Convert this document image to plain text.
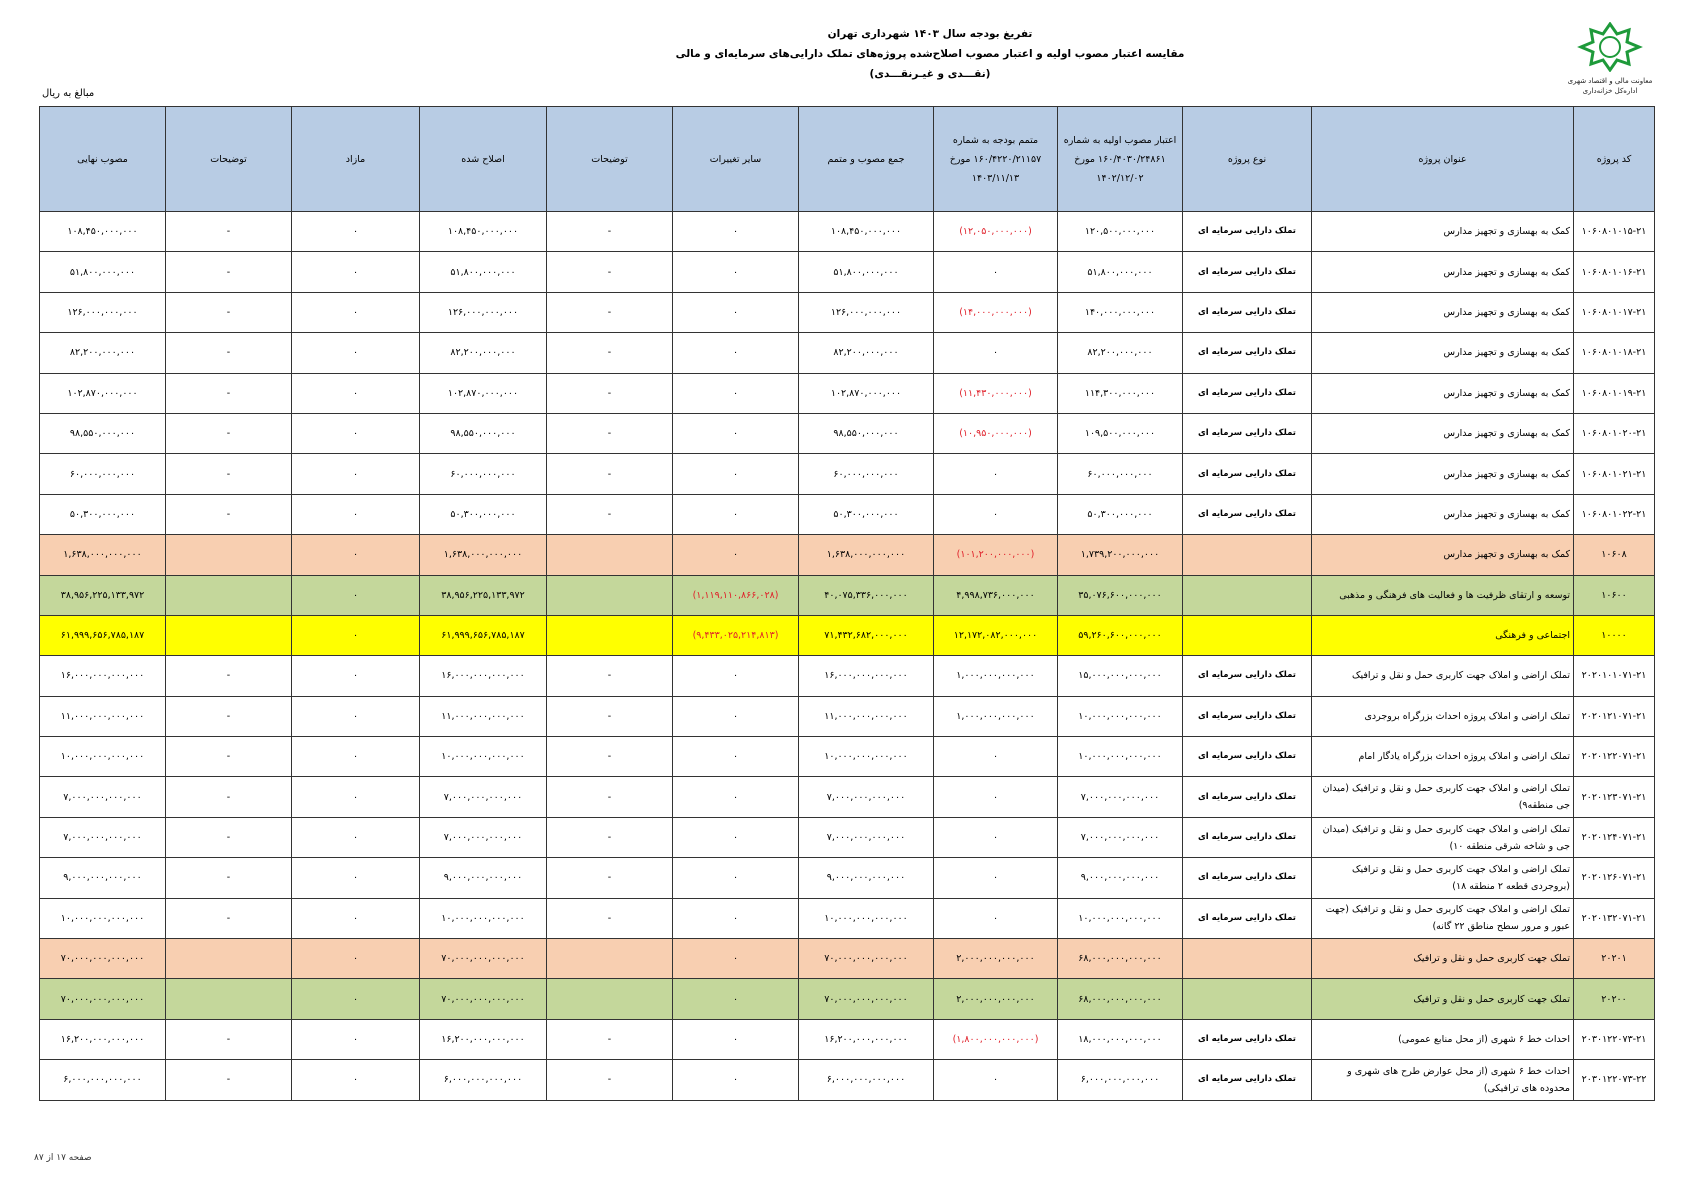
معاونت مالی و اقتصاد شهری
اداره‌کل خزانه‌داری
تفریغ بودجه سال ۱۴۰۳ شهرداری تهران
مقایسه اعتبار مصوب اولیه و اعتبار مصوب اصلاح‌شده پروژه‌های تملک دارایی‌های سرمایه‌ای و مالی
(نقـــدی و غیـرنقـــدی)
مبالغ به ریال
کد پروژه	عنوان پروژه	نوع پروژه	اعتبار مصوب اولیه به شماره ۱۶۰/۴۰۳۰/۲۴۸۶۱ مورخ ۱۴۰۲/۱۲/۰۲	متمم بودجه به شماره ۱۶۰/۴۲۲۰/۲۱۱۵۷ مورخ ۱۴۰۳/۱۱/۱۳	جمع مصوب و متمم	سایر تغییرات	توضیحات	اصلاح شده	مازاد	توضیحات	مصوب نهایی
۱۰۶۰۸۰۱۰۱۵-۲۱	کمک به بهسازی و تجهیز مدارس	تملک دارایی سرمایه ای	۱۲۰,۵۰۰,۰۰۰,۰۰۰	(۱۲,۰۵۰,۰۰۰,۰۰۰)	۱۰۸,۴۵۰,۰۰۰,۰۰۰	۰	-	۱۰۸,۴۵۰,۰۰۰,۰۰۰	۰	-	۱۰۸,۴۵۰,۰۰۰,۰۰۰
۱۰۶۰۸۰۱۰۱۶-۲۱	کمک به بهسازی و تجهیز مدارس	تملک دارایی سرمایه ای	۵۱,۸۰۰,۰۰۰,۰۰۰	۰	۵۱,۸۰۰,۰۰۰,۰۰۰	۰	-	۵۱,۸۰۰,۰۰۰,۰۰۰	۰	-	۵۱,۸۰۰,۰۰۰,۰۰۰
۱۰۶۰۸۰۱۰۱۷-۲۱	کمک به بهسازی و تجهیز مدارس	تملک دارایی سرمایه ای	۱۴۰,۰۰۰,۰۰۰,۰۰۰	(۱۴,۰۰۰,۰۰۰,۰۰۰)	۱۲۶,۰۰۰,۰۰۰,۰۰۰	۰	-	۱۲۶,۰۰۰,۰۰۰,۰۰۰	۰	-	۱۲۶,۰۰۰,۰۰۰,۰۰۰
۱۰۶۰۸۰۱۰۱۸-۲۱	کمک به بهسازی و تجهیز مدارس	تملک دارایی سرمایه ای	۸۲,۲۰۰,۰۰۰,۰۰۰	۰	۸۲,۲۰۰,۰۰۰,۰۰۰	۰	-	۸۲,۲۰۰,۰۰۰,۰۰۰	۰	-	۸۲,۲۰۰,۰۰۰,۰۰۰
۱۰۶۰۸۰۱۰۱۹-۲۱	کمک به بهسازی و تجهیز مدارس	تملک دارایی سرمایه ای	۱۱۴,۳۰۰,۰۰۰,۰۰۰	(۱۱,۴۳۰,۰۰۰,۰۰۰)	۱۰۲,۸۷۰,۰۰۰,۰۰۰	۰	-	۱۰۲,۸۷۰,۰۰۰,۰۰۰	۰	-	۱۰۲,۸۷۰,۰۰۰,۰۰۰
۱۰۶۰۸۰۱۰۲۰-۲۱	کمک به بهسازی و تجهیز مدارس	تملک دارایی سرمایه ای	۱۰۹,۵۰۰,۰۰۰,۰۰۰	(۱۰,۹۵۰,۰۰۰,۰۰۰)	۹۸,۵۵۰,۰۰۰,۰۰۰	۰	-	۹۸,۵۵۰,۰۰۰,۰۰۰	۰	-	۹۸,۵۵۰,۰۰۰,۰۰۰
۱۰۶۰۸۰۱۰۲۱-۲۱	کمک به بهسازی و تجهیز مدارس	تملک دارایی سرمایه ای	۶۰,۰۰۰,۰۰۰,۰۰۰	۰	۶۰,۰۰۰,۰۰۰,۰۰۰	۰	-	۶۰,۰۰۰,۰۰۰,۰۰۰	۰	-	۶۰,۰۰۰,۰۰۰,۰۰۰
۱۰۶۰۸۰۱۰۲۲-۲۱	کمک به بهسازی و تجهیز مدارس	تملک دارایی سرمایه ای	۵۰,۳۰۰,۰۰۰,۰۰۰	۰	۵۰,۳۰۰,۰۰۰,۰۰۰	۰	-	۵۰,۳۰۰,۰۰۰,۰۰۰	۰	-	۵۰,۳۰۰,۰۰۰,۰۰۰
۱۰۶۰۸	کمک به بهسازی و تجهیز مدارس		۱,۷۳۹,۲۰۰,۰۰۰,۰۰۰	(۱۰۱,۲۰۰,۰۰۰,۰۰۰)	۱,۶۳۸,۰۰۰,۰۰۰,۰۰۰	۰		۱,۶۳۸,۰۰۰,۰۰۰,۰۰۰	۰		۱,۶۳۸,۰۰۰,۰۰۰,۰۰۰
۱۰۶۰۰	توسعه و ارتقای ظرفیت ها و فعالیت های فرهنگی و مذهبی		۳۵,۰۷۶,۶۰۰,۰۰۰,۰۰۰	۴,۹۹۸,۷۳۶,۰۰۰,۰۰۰	۴۰,۰۷۵,۳۳۶,۰۰۰,۰۰۰	(۱,۱۱۹,۱۱۰,۸۶۶,۰۲۸)		۳۸,۹۵۶,۲۲۵,۱۳۳,۹۷۲	۰		۳۸,۹۵۶,۲۲۵,۱۳۳,۹۷۲
۱۰۰۰۰	اجتماعی و فرهنگی		۵۹,۲۶۰,۶۰۰,۰۰۰,۰۰۰	۱۲,۱۷۲,۰۸۲,۰۰۰,۰۰۰	۷۱,۴۳۲,۶۸۲,۰۰۰,۰۰۰	(۹,۴۳۳,۰۲۵,۲۱۴,۸۱۳)		۶۱,۹۹۹,۶۵۶,۷۸۵,۱۸۷	۰		۶۱,۹۹۹,۶۵۶,۷۸۵,۱۸۷
۲۰۲۰۱۰۱۰۷۱-۲۱	تملک اراضی و املاک جهت کاربری حمل و نقل و ترافیک	تملک دارایی سرمایه ای	۱۵,۰۰۰,۰۰۰,۰۰۰,۰۰۰	۱,۰۰۰,۰۰۰,۰۰۰,۰۰۰	۱۶,۰۰۰,۰۰۰,۰۰۰,۰۰۰	۰	-	۱۶,۰۰۰,۰۰۰,۰۰۰,۰۰۰	۰	-	۱۶,۰۰۰,۰۰۰,۰۰۰,۰۰۰
۲۰۲۰۱۲۱۰۷۱-۲۱	تملک اراضی و املاک پروژه احداث بزرگراه بروجردی	تملک دارایی سرمایه ای	۱۰,۰۰۰,۰۰۰,۰۰۰,۰۰۰	۱,۰۰۰,۰۰۰,۰۰۰,۰۰۰	۱۱,۰۰۰,۰۰۰,۰۰۰,۰۰۰	۰	-	۱۱,۰۰۰,۰۰۰,۰۰۰,۰۰۰	۰	-	۱۱,۰۰۰,۰۰۰,۰۰۰,۰۰۰
۲۰۲۰۱۲۲۰۷۱-۲۱	تملک اراضی و املاک پروژه احداث بزرگراه یادگار امام	تملک دارایی سرمایه ای	۱۰,۰۰۰,۰۰۰,۰۰۰,۰۰۰	۰	۱۰,۰۰۰,۰۰۰,۰۰۰,۰۰۰	۰	-	۱۰,۰۰۰,۰۰۰,۰۰۰,۰۰۰	۰	-	۱۰,۰۰۰,۰۰۰,۰۰۰,۰۰۰
۲۰۲۰۱۲۳۰۷۱-۲۱	تملک اراضی و املاک جهت کاربری حمل و نقل و ترافیک (میدان جی منطقه۹)	تملک دارایی سرمایه ای	۷,۰۰۰,۰۰۰,۰۰۰,۰۰۰	۰	۷,۰۰۰,۰۰۰,۰۰۰,۰۰۰	۰	-	۷,۰۰۰,۰۰۰,۰۰۰,۰۰۰	۰	-	۷,۰۰۰,۰۰۰,۰۰۰,۰۰۰
۲۰۲۰۱۲۴۰۷۱-۲۱	تملک اراضی و املاک جهت کاربری حمل و نقل و ترافیک (میدان جی و شاخه شرقی منطقه ۱۰)	تملک دارایی سرمایه ای	۷,۰۰۰,۰۰۰,۰۰۰,۰۰۰	۰	۷,۰۰۰,۰۰۰,۰۰۰,۰۰۰	۰	-	۷,۰۰۰,۰۰۰,۰۰۰,۰۰۰	۰	-	۷,۰۰۰,۰۰۰,۰۰۰,۰۰۰
۲۰۲۰۱۲۶۰۷۱-۲۱	تملک اراضی و املاک جهت کاربری حمل و نقل و ترافیک (بروجردی قطعه ۲ منطقه ۱۸)	تملک دارایی سرمایه ای	۹,۰۰۰,۰۰۰,۰۰۰,۰۰۰	۰	۹,۰۰۰,۰۰۰,۰۰۰,۰۰۰	۰	-	۹,۰۰۰,۰۰۰,۰۰۰,۰۰۰	۰	-	۹,۰۰۰,۰۰۰,۰۰۰,۰۰۰
۲۰۲۰۱۳۲۰۷۱-۲۱	تملک اراضی و املاک جهت کاربری حمل و نقل و ترافیک (جهت عبور و مرور سطح مناطق ۲۲ گانه)	تملک دارایی سرمایه ای	۱۰,۰۰۰,۰۰۰,۰۰۰,۰۰۰	۰	۱۰,۰۰۰,۰۰۰,۰۰۰,۰۰۰	۰	-	۱۰,۰۰۰,۰۰۰,۰۰۰,۰۰۰	۰	-	۱۰,۰۰۰,۰۰۰,۰۰۰,۰۰۰
۲۰۲۰۱	تملک جهت کاربری حمل و نقل و ترافیک		۶۸,۰۰۰,۰۰۰,۰۰۰,۰۰۰	۲,۰۰۰,۰۰۰,۰۰۰,۰۰۰	۷۰,۰۰۰,۰۰۰,۰۰۰,۰۰۰	۰		۷۰,۰۰۰,۰۰۰,۰۰۰,۰۰۰	۰		۷۰,۰۰۰,۰۰۰,۰۰۰,۰۰۰
۲۰۲۰۰	تملک جهت کاربری حمل و نقل و ترافیک		۶۸,۰۰۰,۰۰۰,۰۰۰,۰۰۰	۲,۰۰۰,۰۰۰,۰۰۰,۰۰۰	۷۰,۰۰۰,۰۰۰,۰۰۰,۰۰۰	۰		۷۰,۰۰۰,۰۰۰,۰۰۰,۰۰۰	۰		۷۰,۰۰۰,۰۰۰,۰۰۰,۰۰۰
۲۰۳۰۱۲۲۰۷۳-۲۱	احداث خط ۶ شهری (از محل منابع عمومی)	تملک دارایی سرمایه ای	۱۸,۰۰۰,۰۰۰,۰۰۰,۰۰۰	(۱,۸۰۰,۰۰۰,۰۰۰,۰۰۰)	۱۶,۲۰۰,۰۰۰,۰۰۰,۰۰۰	۰	-	۱۶,۲۰۰,۰۰۰,۰۰۰,۰۰۰	۰	-	۱۶,۲۰۰,۰۰۰,۰۰۰,۰۰۰
۲۰۳۰۱۲۲۰۷۳-۲۲	احداث خط ۶ شهری (از محل عوارض طرح های شهری و محدوده های ترافیکی)	تملک دارایی سرمایه ای	۶,۰۰۰,۰۰۰,۰۰۰,۰۰۰	۰	۶,۰۰۰,۰۰۰,۰۰۰,۰۰۰	۰	-	۶,۰۰۰,۰۰۰,۰۰۰,۰۰۰	۰	-	۶,۰۰۰,۰۰۰,۰۰۰,۰۰۰
صفحه ۱۷ از ۸۷
